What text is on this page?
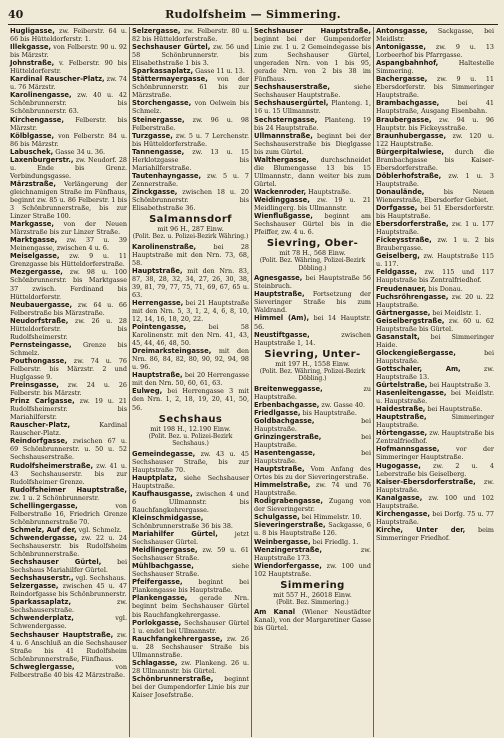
40	Rudolfsheim — Simmering.

Hugligasse, zw. Feiberstr. 64 u. 66 bis Hütteldorferstr. 1.

Illekgasse, von Felberstr. 90 u. 92 bis Märzstr.

Johnstraße, v. Felberstr. 90 bis Hütteldorferstr.

Kardinal Rauscher-Platz, zw. 74 u. 76 Märzstr.

Karolinengasse, zw. 40 u. 42 Schönbrunnerstr. bis Schönbrunnerstr. 63.

Kirchengasse, Felberstr. bis Märzstr.

Kölblgasse, von Felberstr. 84 u. 86 bis Märzstr.

Labuschek, Gasse 34 u. 36.

Laxenburgerstr., zw. Neudorf. 28 u. Ende bis Grenz. Verbindungsgasse.

Märzstraße, Verlängerung der gleichnamigen Straße im Fünfhaus, beginnt zw. 85 u. 86 Felberstr. 1 bis 3 Schönbrunnerstraße, bis zur Linzer Straße 100.

Markgasse, von der Neuen Märzstraße bis zur Linzer Straße.

Marktgasse, zw. 37 u. 39 Meinengasse, zwischen 4 u. 6.

Meiselgasse, zw. 9 u. 11 Grenzgasse bis Hütteldorferstraße.

Mezgergasse, zw. 98 u. 100 Schönbrunnerstr. bis Marktgasse 37 zwisch. Ferdinand bis Hütteldorferstr.

Neubauergasse, zw. 64 u. 66 Felberstraße bis Märzstraße.

Neudorfstraße, zw. 26 u. 28 Hütteldorferstr. bis Rudolfsheimerstr.

Pernsteingasse, Grenze bis Schmelz.

Pouthongasse, zw. 74 u. 76 Felberstr. bis Märzstr. 2 und Huglgasse 9.

Preinsgasse, zw. 24 u. 26 Felberstr. bis Märzstr.

Prinz Carlgasse, zw. 19 u. 21 Rudolfsheimerstr. bis Mariahilferstr.

Rauscher-Platz, Kardinal Rauscher-Platz.

Reindorfgasse, zwischen 67 u. 69 Schönbrunnerstr. u. 50 u. 52 Sechshauserstraße.

Rudolfsheimerstraße, zw. 41 u. 43 Sechshauserstr. bis zur Rudolfsheimer Grenze.

Rudolfsheimer Hauptstraße, zw. 1 u. 2 Schönbrunnerstr.

Schellingergasse, von Felberstraße 16, Friedrich Grenze Schönbrunnerstraße 70.

Schmelz, Auf der, vgl. Schmelz.

Schwendergasse, zw. 22 u. 24 Sechshauserstr. bis Rudolfsheim Schönbrunnerstraße.

Sechshauser Gürtel, bei Sechshaus Mariahilfer Gürtel.

Sechshauserstr., vgl. Sechshaus.

Selzergasse, zwischen 45 u. 47 Reindorfgasse bis Schönbrunnerstr.

Sparkassaplatz, zw. Sechshauserstraße.

Schwenderplatz, vgl. Schwendergasse.

Sechshauser Hauptstraße, zw. 4 u. 6 Anschluß an die Sechshauser Straße bis 41 Rudolfsheim Schönbrunnerstraße, Fünfhaus.

Schweglergasse, von Felberstraße 40 bis 42 Märzstraße.

Selzergasse, zw. Felberstr. 80 u. 82 bis Hütteldorferstraße.

Sechshauser Gürtel, zw. 56 und 58 Schönbrunnerstr. bis Elisabethstraße 1 bis 3.

Sparkassaplatz, Gasse 11 u. 13.

Stättermayergasse, von der Schönbrunnerstr. 61 bis zur Märzstraße.

Storchengasse, von Oelwein bis Schmelz.

Steinergasse, zw. 96 u. 98 Felberstraße.

Turzgasse, zw. 5 u. 7 Lerchenstr. bis Hütteldorferstraße.

Tannengasse, zw. 13 u. 15 Herklotzgasse bis Mariahilferstraße.

Tautenhayngasse, zw. 5 u. 7 Zennerstraße.

Zinckgasse, zwischen 18 u. 20 Schönbrunnerstr. bis Elisabethstraße 36.

Salmannsdorf
mit 96 H., 287 Einw.
(Polit. Bez. u. Polizei-Bezirk Währing.)

Karolinenstraße, bei 28 Hauptstraße mit den Nrn. 73, 68, 58.

Hauptstraße, mit den Nrn. 83, 87, 38, 28, 32, 34, 27, 26, 30, 38, 39, 81, 79, 77, 75, 71, 69, 67, 65 u. 63.

Herrengasse, bei 21 Hauptstraße mit den Nrn. 5, 3, 1, 2, 4, 6, 8, 10, 12, 14, 16, 18, 20, 22.

Pointengasse, bei 58 Karolinenstr. mit den Nrn. 41, 43, 45, 44, 46, 48, 50.

Dreimarksteingasse, mit den Nrn. 86, 84, 82, 80, 90, 92, 94, 98 u. 96.

Hauptstraße, bei 20 Herrengasse mit den Nrn. 50, 60, 61, 63.

Eulweg, bei Herrengasse 3 mit den Nrn. 1, 2, 18, 19, 20, 41, 50, 56.

Sechshaus
mit 198 H., 12.190 Einw.
(Polit. Bez. u. Polizei-Bezirk Sechshaus.)

Gemeindegasse, zw. 43 u. 45 Sechshauser Straße, bis zur Hauptstraße 70.

Hauptplatz, siehe Sechshauser Hauptstraße.

Kaufhausgasse, zwischen 4 und 6 Ullmannstr. bis Rauchfangkehrergasse.

Kleinschmidgasse, Schönbrunnerstraße 36 bis 38.

Mariahilfer Gürtel, jetzt Sechshauser Gürtel.

Meidlingergasse, zw. 59 u. 61 Sechshauser Straße.

Mühlbachgasse, siehe Sechshauser Straße.

Pfeifergasse, beginnt bei Plankengasse bis Hauptstraße.

Plankengasse, gerade Nrn. beginnt beim Sechshauser Gürtel bis Rauchfangkehrergasse.

Porlokgasse, Sechshauser Gürtel 1 u. endet bei Ullmannstr.

Rauchfangkehrergasse, zw. 26 u. 28 Sechshauser Straße bis Ullmannstraße.

Schlagasse, zw. Plankeng. 26 u. 28 Ullmannstr. bis Gürtel.

Schönbrunnerstraße, beginnt bei der Gumpendorfer Linie bis zur Kaiser Josefstraße.

Sechshauser Hauptstraße, beginnt bei der Gumpendorfer Linie zw. 1 u. 2 Gemeindegasse bis zum Sechshauser Gürtel, ungeraden Nrn. von 1 bis 95, gerade Nrn. von 2 bis 38 im Fünfhaus.

Sechshauserstraße, siehe Sechshauser Hauptstraße.

Sechshausergürtel, Planteng. 1, 16 u. 15 Ullmannstr.

Sechsterngasse, Planteng. 19 bis 24 Hauptstraße.

Ullmannstraße, beginnt bei der Sechshauserstraße bis Dieglgasse bis zum Gürtel.

Walthergasse, durchschneidet die Blumengasse 13 bis 15 Ullmannstr., dann weiter bis zum Gürtel.

Wackenroder, Hauptstraße.

Weidinggasse, zw. 19 u. 21 Meidlingerg. bis Ullmannstr.

Wienflußgasse, beginnt am Sechshauser Gürtel bis in die Pfeiffer, zw. 4 u. 6.

Sievring, Ober-
mit 78 H., 568 Einw.
(Polit. Bez. Währing, Polizei-Bezirk Döbling.)

Agnesgasse, bei Hauptstraße 56 Steinbruch.

Hauptstraße, Fortsetzung der Sieveringer Straße bis zum Waldrand.

Himmel (Am), bei 14 Hauptstr. 56.

Neustiftgasse, zwischen Hauptstraße 1, 14.

Sievring, Unter-
mit 197 H., 1558 Einw.
(Polit. Bez. Währing, Polizei-Bezirk Döbling.)

Breitenweggasse, zu Hauptstraße.

Erbenbachgasse, zw. Gasse 40.

Friedlgasse, bis Hauptstraße.

Goldbachgasse, bei Hauptstraße.

Grinzingerstraße, bei Hauptstraße.

Hasentengasse, bei Hauptstraße.

Hauptstraße, Vom Anfang des Ortes bis zu der Sieveringerstraße.

Himmelstraße, zw. 74 und 76 Hauptstraße.

Rodigrabengasse, Zugang von der Sieveringerstr.

Schulgasse, bei Himmelstr. 10.

Sieveringerstraße, Sackgasse, 6 u. 8 bis Hauptstraße 126.

Weinbergasse, bei Friedlg. 1.

Wenzingerstraße, zw. Hauptstraße 173.

Wiendorfergasse, zw. 100 und 102 Hauptstraße.

Simmering
mit 557 H., 26018 Einw.
(Polit. Bez. Simmering.)

Am Kanal (Wiener Neustädter Kanal), von der Margaretiner Gasse bis Gürtel.

Antonsgasse, Sackgasse, bei Meidlstr.

Antonigasse, zw. 9 u. 13 Lorbeerhof bis Pfarrgasse.

Aspangbahnhof, Haltestelle Simmering.

Bachergasse, zw. 9 u. 11 Ebersdorferstr. bis Simmeringer Hauptstraße.

Brambachgasse, bei 41 Hauptstraße, Ausgang Eisenbahn.

Braubergasse, zw. 94 u. 96 Hauptstr. bis Fickeysstraße.

Braunhubergasse, zw. 120 u. 122 Hauptstraße.

Bürgerpitalwiese, durch die Brambachgasse bis Kaiser-Ebersdorferstraße.

Döblerhofstraße, zw. 1 u. 3 Hauptstraße.

Donaulände, bis Neuen Wienerstraße, Ebersdorfer Gebiet.

Dorfgasse, bei 51 Ebersdorferstr. bis Hauptstraße.

Ebersdorferstraße, zw. 1 u. 177 Hauptstraße.

Fickeysstraße, zw. 1 u. 2 bis Braubergasse.

Geiselberg, zw. Hauptstraße 115 u. 117.

Feldgasse, zw. 115 und 117 Hauptstraße bis Zentralfriedhof.

Freudenauer, bis Donau.

Fuchsröhrengasse, zw. 20 u. 22 Hauptstraße.

Gärtnergasse, bei Meidlstr. 1.

Geiselbergstraße, zw. 60 u. 62 Hauptstraße bis Gürtel.

Gasanstalt, bei Simmeringer Haide.

Glockengießergasse, bei Hauptstraße.

Gottschaler, Am, zw. Hauptstraße 13.

Gürtelstraße, bei Hauptstraße 3.

Hasenleitengasse, bei Meidlstr. u. Hauptstraße.

Haidestraße, bei Hauptstraße.

Hauptstraße, Simmeringer Hauptstraße.

Hörtengasse, zw. Hauptstraße bis Zentralfriedhof.

Hofmannsgasse, vor der Simmeringer Hauptstraße.

Hugogasse, zw. 2 u. 4 Leberstraße bis Geiselberg.

Kaiser-Ebersdorferstraße, zw. Hauptstraße.

Kanalgasse, zw. 100 und 102 Hauptstraße.

Kirchengasse, bei Dorfg. 75 u. 77 Hauptstraße.

Kirche, Unter der, beim Simmeringer Friedhof.
